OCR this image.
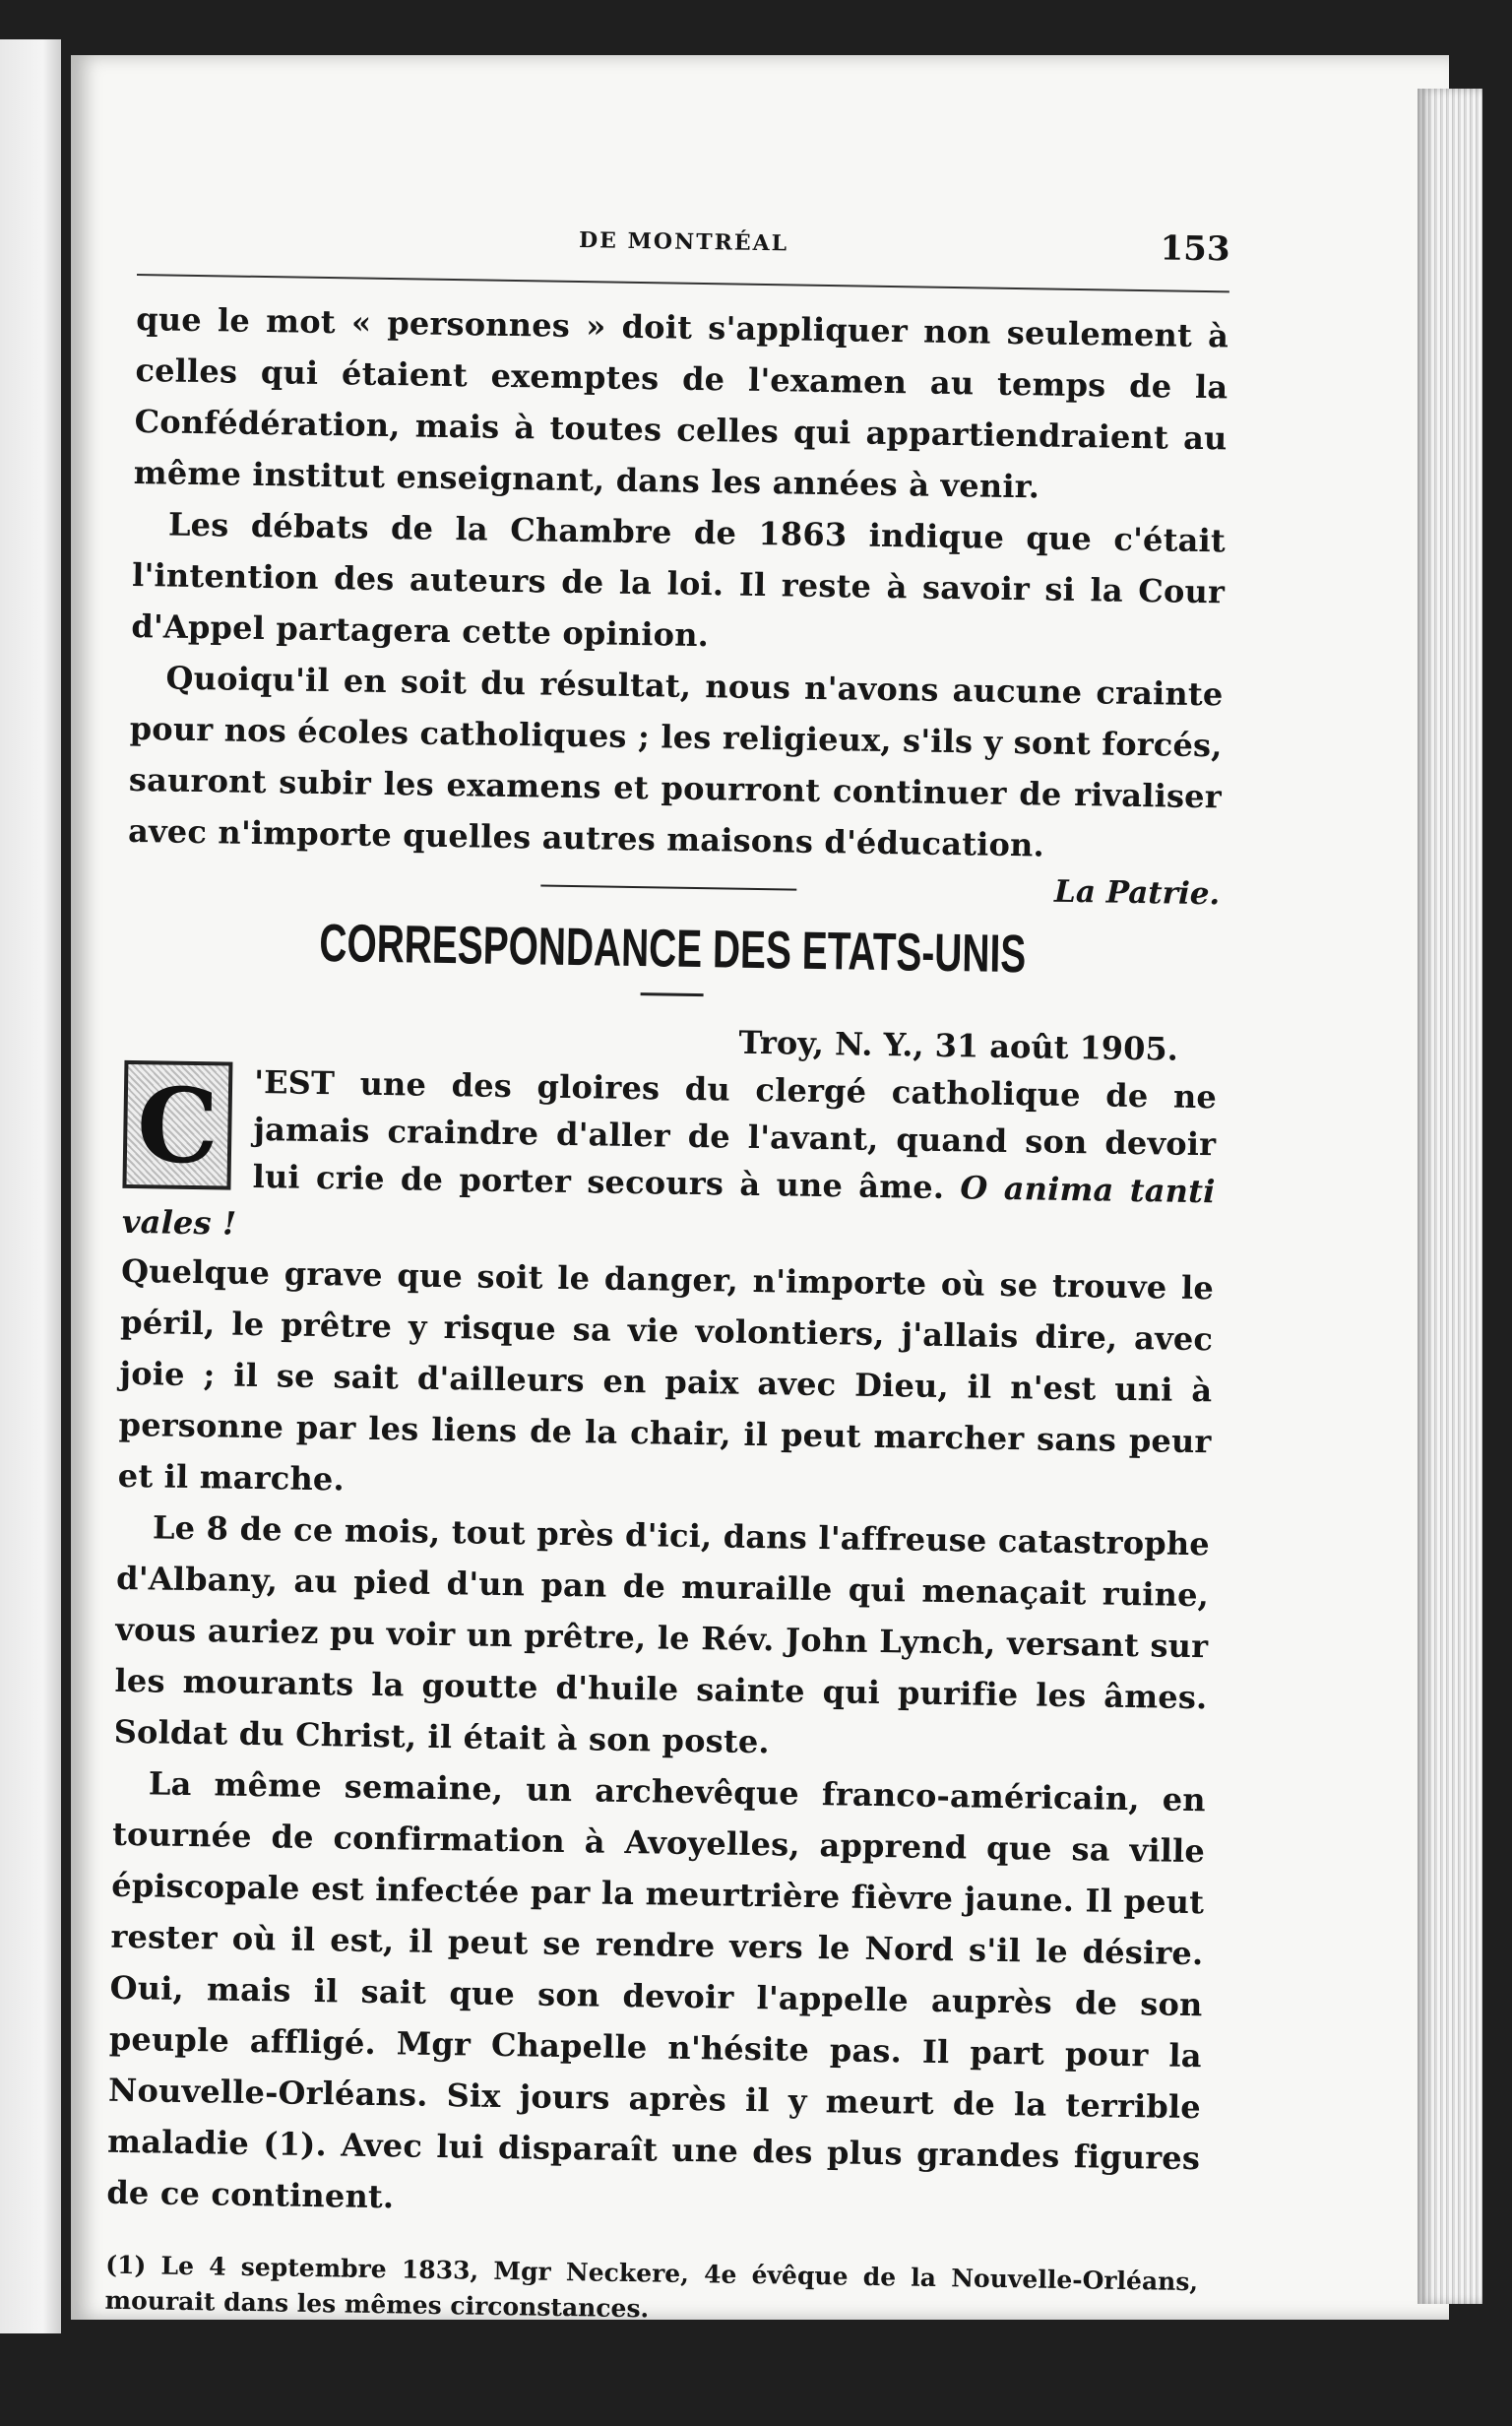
DE MONTRÉAL	153

que le mot « personnes » doit s'appliquer non seulement à celles qui étaient exemptes de l'examen au temps de la Confédération, mais à toutes celles qui appartiendraient au même institut enseignant, dans les années à venir.

Les débats de la Chambre de 1863 indique que c'était l'intention des auteurs de la loi. Il reste à savoir si la Cour d'Appel partagera cette opinion.

Quoiqu'il en soit du résultat, nous n'avons aucune crainte pour nos écoles catholiques ; les religieux, s'ils y sont forcés, sauront subir les examens et pourront continuer de rivaliser avec n'importe quelles autres maisons d'éducation.

La Patrie.
CORRESPONDANCE DES ETATS-UNIS
Troy, N. Y., 31 août 1905.
C	'EST une des gloires du clergé catholique de ne jamais craindre d'aller de l'avant, quand son devoir lui crie de porter secours à une âme. O anima tanti vales !

Quelque grave que soit le danger, n'importe où se trouve le péril, le prêtre y risque sa vie volontiers, j'allais dire, avec joie ; il se sait d'ailleurs en paix avec Dieu, il n'est uni à personne par les liens de la chair, il peut marcher sans peur et il marche.

Le 8 de ce mois, tout près d'ici, dans l'affreuse catastrophe d'Albany, au pied d'un pan de muraille qui menaçait ruine, vous auriez pu voir un prêtre, le Rév. John Lynch, versant sur les mourants la goutte d'huile sainte qui purifie les âmes. Soldat du Christ, il était à son poste.

La même semaine, un archevêque franco-américain, en tournée de confirmation à Avoyelles, apprend que sa ville épiscopale est infectée par la meurtrière fièvre jaune. Il peut rester où il est, il peut se rendre vers le Nord s'il le désire. Oui, mais il sait que son devoir l'appelle auprès de son peuple affligé. Mgr Chapelle n'hésite pas. Il part pour la Nouvelle-Orléans. Six jours après il y meurt de la terrible maladie (1). Avec lui disparaît une des plus grandes figures de ce continent.

(1) Le 4 septembre 1833, Mgr Neckere, 4e évêque de la Nouvelle-Orléans, mourait dans les mêmes circonstances.
